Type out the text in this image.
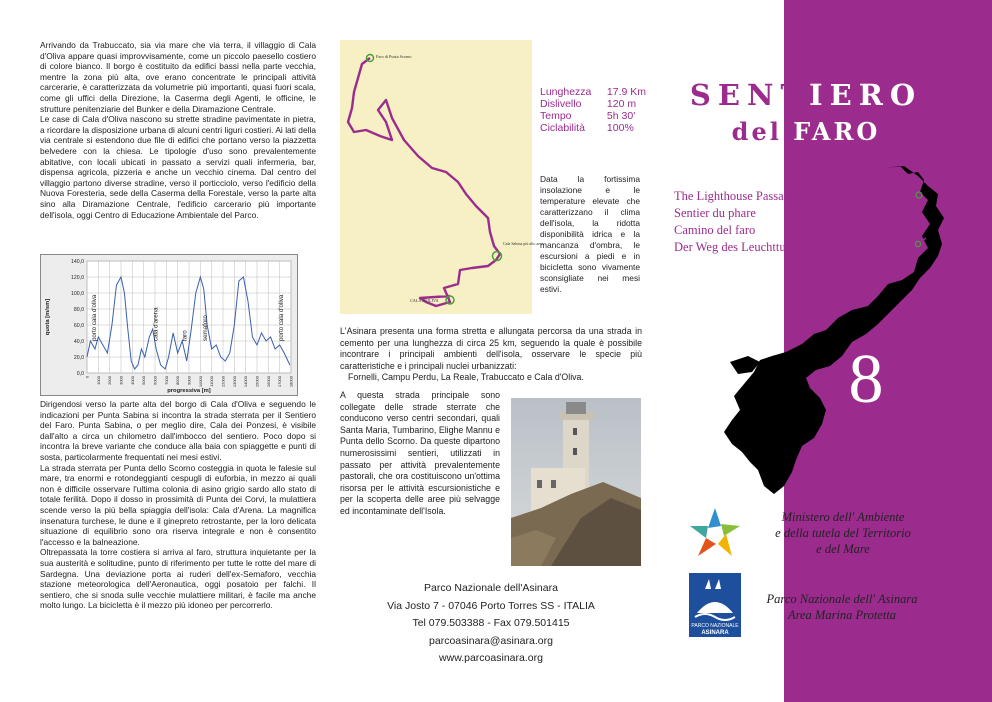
Arrivando da Trabuccato, sia via mare che via terra, il villaggio di Cala d'Oliva appare quasi improvvisamente, come un piccolo paesello costiero di colore bianco. Il borgo è costituito da edifici bassi nella parte vecchia, mentre la zona più alta, ove erano concentrate le principali attività carcerarie, è caratterizzata da volumetrie più importanti, quasi fuori scala, come gli uffici della Direzione, la Caserma degli Agenti, le officine, le strutture penitenziarie del Bunker e della Diramazione Centrale.

Le case di Cala d'Oliva nascono su strette stradine pavimentate in pietra, a ricordare la disposizione urbana di alcuni centri liguri costieri. Ai lati della via centrale si estendono due file di edifici che portano verso la piazzetta belvedere con la chiesa. Le tipologie d'uso sono prevalentemente abitative, con locali ubicati in passato a servizi quali infermeria, bar, dispensa agricola, pizzeria e anche un vecchio cinema. Dal centro del villaggio partono diverse stradine, verso il porticciolo, verso l'edificio della Nuova Foresteria, sede della Caserma della Forestale, verso la parte alta sino alla Diramazione Centrale, l'edificio carcerario più importante dell'isola, oggi Centro di Educazione Ambientale del Parco.

0,0
20,0
40,0
60,0
80,0
100,0
120,0
140,0
0 1000 2000 3000 4000 5000 6000 7000 8000 9000 10000 11000 12000 13000 14000 15000 16000 17000 18000
porto cala d'oliva	cala d'arena	faro semaforo	porto cala d'oliva
progressiva [m]
quota [m/sm]

Dirigendosi verso la parte alta del borgo di Cala d'Oliva e seguendo le indicazioni per Punta Sabina si incontra la strada sterrata per il Sentiero del Faro. Punta Sabina, o per meglio dire, Cala dei Ponzesi, è visibile dall'alto a circa un chilometro dall'imbocco del sentiero. Poco dopo si incontra la breve variante che conduce alla baia con spiaggette e punti di sosta, particolarmente frequentati nei mesi estivi.

La strada sterrata per Punta dello Scorno costeggia in quota le falesie sul mare, tra enormi e rotondeggianti cespugli di euforbia, in mezzo ai quali non è difficile osservare l'ultima colonia di asino grigio sardo allo stato di totale ferilità. Dopo il dosso in prossimità di Punta dei Corvi, la mulattiera scende verso la più bella spiaggia dell'isola: Cala d'Arena. La magnifica insenatura turchese, le dune e il ginepreto retrostante, per la loro delicata situazione di equilibrio sono ora riserva integrale e non è consentito l'accesso e la balneazione.

Oltrepassata la torre costiera si arriva al faro, struttura inquietante per la sua austerità e solitudine, punto di riferimento per tutte le rotte del mare di Sardegna. Una deviazione porta ai ruderi dell'ex-Semaforo, vecchia stazione meteorologica dell'Aeronautica, oggi posatoio per falchi. Il sentiero, che si snoda sulle vecchie mulattiere militari, è facile ma anche molto lungo. La bicicletta è il mezzo più idoneo per percorrerlo.

Faro di Punta Scorno
Cala Sabina più alto arsa
CALA D'OLIVA
Lunghezza 17.9 Km
Dislivello 120 m
Tempo	5h 30'
Ciclabilità 100%
Data la fortissima insolazione e le temperature elevate che caratterizzano il clima dell'isola, la ridotta disponibilità idrica e la mancanza d'ombra, le escursioni a piedi e in bicicletta sono vivamente sconsigliate nei mesi estivi.

L'Asinara presenta una forma stretta e allungata percorsa da una strada in cemento per una lunghezza di circa 25 km, seguendo la quale è possibile incontrare i principali ambienti dell'isola, osservare le specie più caratteristiche e i principali nuclei urbanizzati:

Fornelli, Campu Perdu, La Reale, Trabuccato e Cala d'Oliva.

A questa strada principale sono collegate delle strade sterrate che conducono verso centri secondari, quali Santa Maria, Tumbarino, Elighe Mannu e Punta dello Scorno. Da queste dipartono numerosissimi sentieri, utilizzati in passato per attività prevalentemente pastorali, che ora costituiscono un'ottima risorsa per le attività escursionistiche e per la scoperta delle aree più selvagge ed incontaminate dell'Isola.
Parco Nazionale dell'Asinara
Via Josto 7 - 07046 Porto Torres SS - ITALIA
Tel 079.503388 - Fax 079.501415
parcoasinara@asinara.org
www.parcoasinara.org
SENTIERO
del FARO
The Lighthouse Passage
Sentier du phare
Camino del faro
Der Weg des Leuchtturms
8
Ministero dell' Ambiente
e della tutela del Territorio
e del Mare
PARCO NAZIONALE
ASINARA
Parco Nazionale dell' Asinara
Area Marina Protetta
